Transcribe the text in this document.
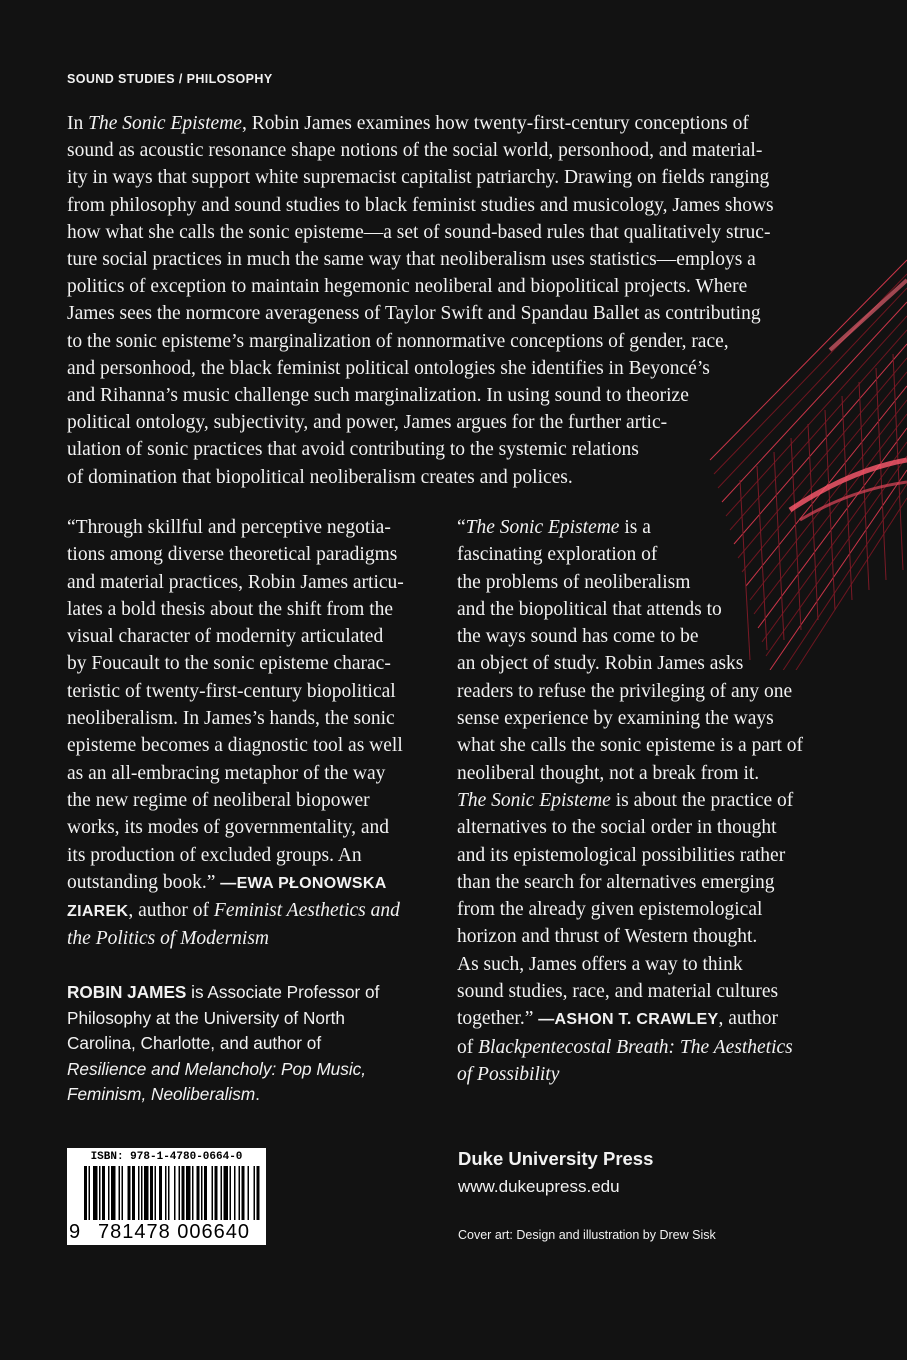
SOUND STUDIES / PHILOSOPHY
In The Sonic Episteme, Robin James examines how twenty-first-century conceptions of
sound as acoustic resonance shape notions of the social world, personhood, and material-
ity in ways that support white supremacist capitalist patriarchy. Drawing on fields ranging
from philosophy and sound studies to black feminist studies and musicology, James shows
how what she calls the sonic episteme—a set of sound-based rules that qualitatively struc-
ture social practices in much the same way that neoliberalism uses statistics—employs a
politics of exception to maintain hegemonic neoliberal and biopolitical projects. Where
James sees the normcore averageness of Taylor Swift and Spandau Ballet as contributing
to the sonic episteme’s marginalization of nonnormative conceptions of gender, race,
and personhood, the black feminist political ontologies she identifies in Beyoncé’s
and Rihanna’s music challenge such marginalization. In using sound to theorize
political ontology, subjectivity, and power, James argues for the further artic-
ulation of sonic practices that avoid contributing to the systemic relations
of domination that biopolitical neoliberalism creates and polices.
“Through skillful and perceptive negotia-
tions among diverse theoretical paradigms
and material practices, Robin James articu-
lates a bold thesis about the shift from the
visual character of modernity articulated
by Foucault to the sonic episteme charac-
teristic of twenty-first-century biopolitical
neoliberalism. In James’s hands, the sonic
episteme becomes a diagnostic tool as well
as an all-embracing metaphor of the way
the new regime of neoliberal biopower
works, its modes of governmentality, and
its production of excluded groups. An
outstanding book.” —EWA PŁONOWSKA
ZIAREK, author of Feminist Aesthetics and
the Politics of Modernism
“The Sonic Episteme is a
fascinating exploration of
the problems of neoliberalism
and the biopolitical that attends to
the ways sound has come to be
an object of study. Robin James asks
readers to refuse the privileging of any one
sense experience by examining the ways
what she calls the sonic episteme is a part of
neoliberal thought, not a break from it.
The Sonic Episteme is about the practice of
alternatives to the social order in thought
and its epistemological possibilities rather
than the search for alternatives emerging
from the already given epistemological
horizon and thrust of Western thought.
As such, James offers a way to think
sound studies, race, and material cultures
together.” —ASHON T. CRAWLEY, author
of Blackpentecostal Breath: The Aesthetics
of Possibility
ROBIN JAMES is Associate Professor of
Philosophy at the University of North
Carolina, Charlotte, and author of
Resilience and Melancholy: Pop Music,
Feminism, Neoliberalism.
ISBN: 978-1-4780-0664-0
9 781478 006640
Duke University Press
www.dukeupress.edu
Cover art: Design and illustration by Drew Sisk
